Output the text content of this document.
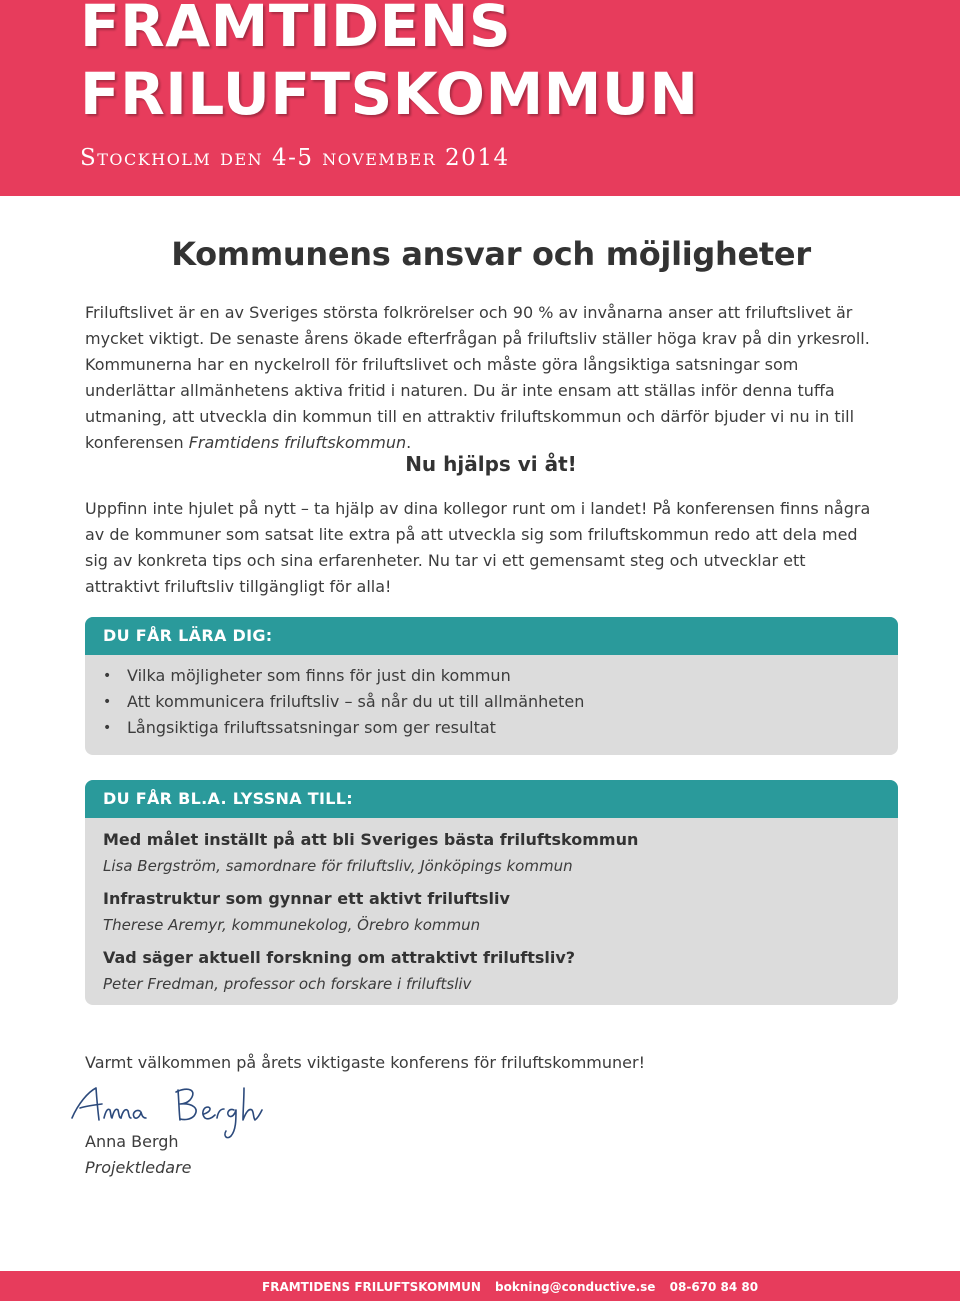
FRAMTIDENS
FRILUFTSKOMMUN
Stockholm den 4-5 november 2014
Kommunens ansvar och möjligheter

Friluftslivet är en av Sveriges största folkrörelser och 90 % av invånarna anser att friluftslivet är mycket viktigt. De senaste årens ökade efterfrågan på friluftsliv ställer höga krav på din yrkesroll. Kommunerna har en nyckelroll för friluftslivet och måste göra långsiktiga satsningar som underlättar allmänhetens aktiva fritid i naturen. Du är inte ensam att ställas inför denna tuffa utmaning, att utveckla din kommun till en attraktiv friluftskommun och därför bjuder vi nu in till konferensen Framtidens friluftskommun.

Nu hjälps vi åt!

Uppfinn inte hjulet på nytt – ta hjälp av dina kollegor runt om i landet! På konferensen finns några av de kommuner som satsat lite extra på att utveckla sig som friluftskommun redo att dela med sig av konkreta tips och sina erfarenheter. Nu tar vi ett gemensamt steg och utvecklar ett attraktivt friluftsliv tillgängligt för alla!

DU FÅR LÄRA DIG:
• Vilka möjligheter som finns för just din kommun
• Att kommunicera friluftsliv – så når du ut till allmänheten
• Långsiktiga friluftssatsningar som ger resultat
DU FÅR BL.A. LYSSNA TILL:
Med målet inställt på att bli Sveriges bästa friluftskommun
Lisa Bergström, samordnare för friluftsliv, Jönköpings kommun
Infrastruktur som gynnar ett aktivt friluftsliv
Therese Aremyr, kommunekolog, Örebro kommun
Vad säger aktuell forskning om attraktivt friluftsliv?
Peter Fredman, professor och forskare i friluftsliv

Varmt välkommen på årets viktigaste konferens för friluftskommuner!

Anna Bergh
Projektledare
FRAMTIDENS FRILUFTSKOMMUN bokning@conductive.se 08-670 84 80
